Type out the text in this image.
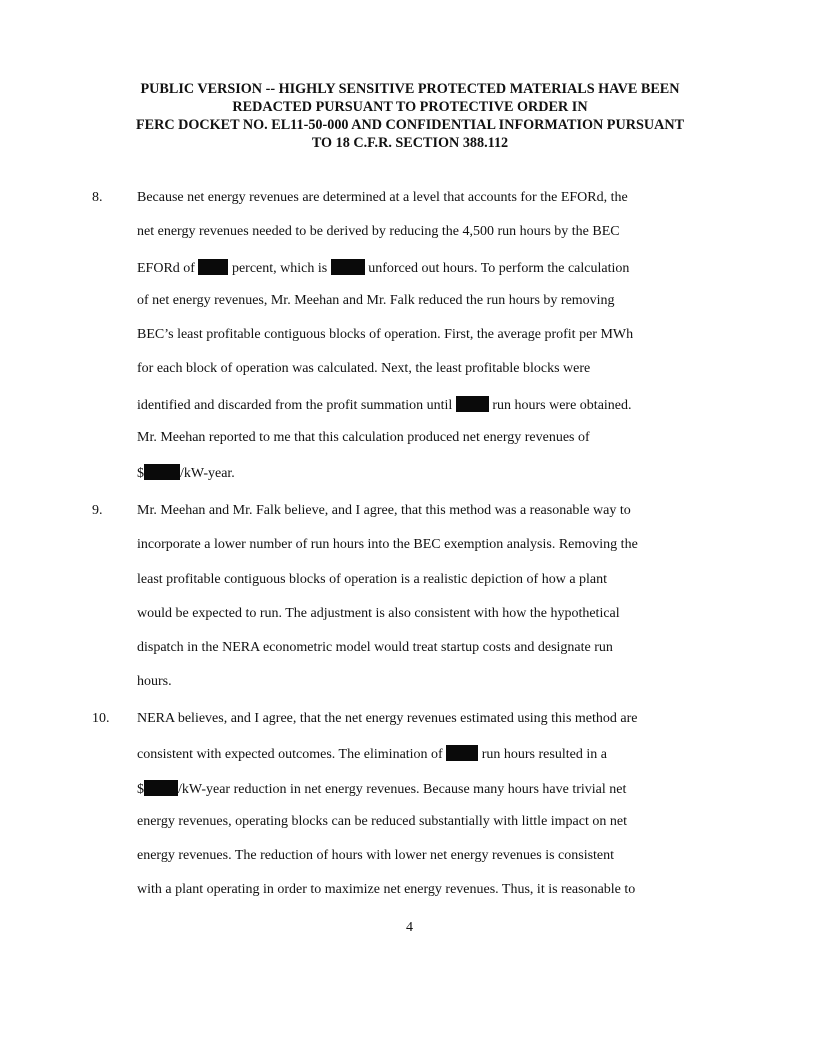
PUBLIC VERSION -- HIGHLY SENSITIVE PROTECTED MATERIALS HAVE BEEN
REDACTED PURSUANT TO PROTECTIVE ORDER IN
FERC DOCKET NO. EL11-50-000 AND CONFIDENTIAL INFORMATION PURSUANT
TO 18 C.F.R. SECTION 388.112
8. Because net energy revenues are determined at a level that accounts for the EFORd, the
net energy revenues needed to be derived by reducing the 4,500 run hours by the BEC
EFORd of  percent, which is  unforced out hours. To perform the calculation
of net energy revenues, Mr. Meehan and Mr. Falk reduced the run hours by removing
BEC’s least profitable contiguous blocks of operation. First, the average profit per MWh
for each block of operation was calculated. Next, the least profitable blocks were
identified and discarded from the profit summation until  run hours were obtained.
Mr. Meehan reported to me that this calculation produced net energy revenues of
$	/kW-year.
9. Mr. Meehan and Mr. Falk believe, and I agree, that this method was a reasonable way to
incorporate a lower number of run hours into the BEC exemption analysis. Removing the
least profitable contiguous blocks of operation is a realistic depiction of how a plant
would be expected to run. The adjustment is also consistent with how the hypothetical
dispatch in the NERA econometric model would treat startup costs and designate run
hours.
10. NERA believes, and I agree, that the net energy revenues estimated using this method are
consistent with expected outcomes. The elimination of  run hours resulted in a
$ /kW-year reduction in net energy revenues. Because many hours have trivial net
energy revenues, operating blocks can be reduced substantially with little impact on net
energy revenues. The reduction of hours with lower net energy revenues is consistent
with a plant operating in order to maximize net energy revenues. Thus, it is reasonable to
4
